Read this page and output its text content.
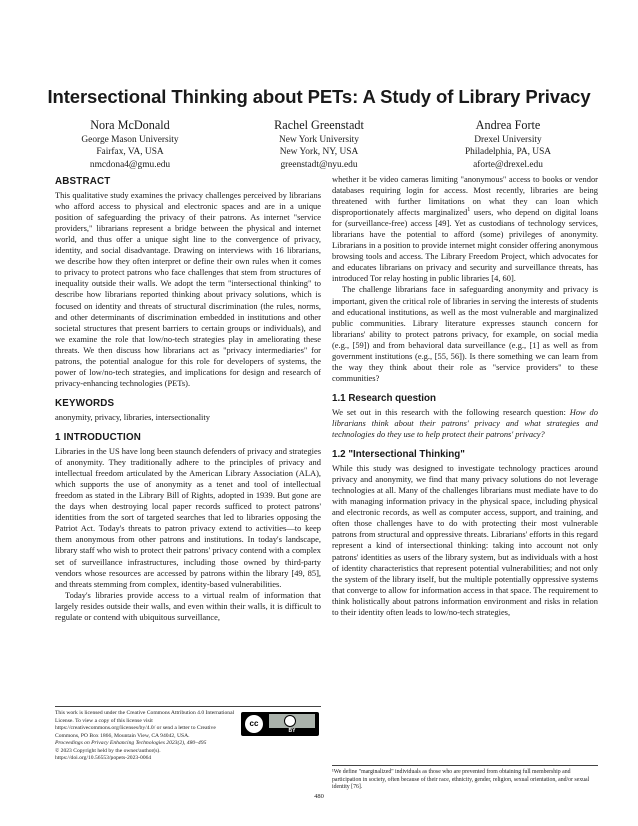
Intersectional Thinking about PETs: A Study of Library Privacy
Nora McDonald
George Mason University
Fairfax, VA, USA
nmcdona4@gmu.edu
Rachel Greenstadt
New York University
New York, NY, USA
greenstadt@nyu.edu
Andrea Forte
Drexel University
Philadelphia, PA, USA
aforte@drexel.edu
ABSTRACT

This qualitative study examines the privacy challenges perceived by librarians who afford access to physical and electronic spaces and are in a unique position of safeguarding the privacy of their patrons. As internet "service providers," librarians represent a bridge between the physical and internet world, and thus offer a unique sight line to the convergence of privacy, identity, and social disadvantage. Drawing on interviews with 16 librarians, we describe how they often interpret or define their own rules when it comes to privacy to protect patrons who face challenges that stem from structures of inequality outside their walls. We adopt the term "intersectional thinking" to describe how librarians reported thinking about privacy solutions, which is focused on identity and threats of structural discrimination (the rules, norms, and other determinants of discrimination embedded in institutions and other societal structures that present barriers to certain groups or individuals), and we examine the role that low/no-tech strategies play in ameliorating these threats. We then discuss how librarians act as "privacy intermediaries" for patrons, the potential analogue for this role for developers of systems, the power of low/no-tech strategies, and implications for design and research of privacy-enhancing technologies (PETs).

KEYWORDS

anonymity, privacy, libraries, intersectionality

1 INTRODUCTION

Libraries in the US have long been staunch defenders of privacy and strategies of anonymity. They traditionally adhere to the principles of privacy and intellectual freedom articulated by the American Library Association (ALA), which supports the use of anonymity as a tenet and tool of intellectual freedom as stated in the Library Bill of Rights, adopted in 1939. But gone are the days when destroying local paper records sufficed to protect patrons' identities from the sort of targeted searches that led to libraries opposing the Patriot Act. Today's threats to patron privacy extend to activities—to keep them anonymous from other patrons and institutions. In today's landscape, library staff who wish to protect their patrons' privacy contend with a complex set of surveillance infrastructures, including those owned by third-party vendors whose resources are accessed by patrons within the library [49, 85], and threats stemming from complex, identity-based vulnerabilities.

Today's libraries provide access to a virtual realm of information that largely resides outside their walls, and even within their walls, it is difficult to regulate or contend with ubiquitous surveillance,

This work is licensed under the Creative Commons Attribution 4.0 International License. To view a copy of this license visit https://creativecommons.org/licenses/by/4.0/ or send a letter to Creative Commons, PO Box 1866, Mountain View, CA 94042, USA.
Proceedings on Privacy Enhancing Technologies 2023(2), 480–495
© 2023 Copyright held by the owner/author(s).
https://doi.org/10.56553/popets-2023-0064
cc
BY

whether it be video cameras limiting "anonymous" access to books or vendor databases requiring login for access. Most recently, libraries are being threatened with further limitations on what they can loan which disproportionately affects marginalized$^1$ users, who depend on digital loans for (surveillance-free) access [49]. Yet as custodians of technology services, librarians have the potential to afford (some) privileges of anonymity. Librarians in a position to provide internet might consider offering anonymous browsing tools and access. The Library Freedom Project, which advocates for and educates librarians on privacy and security and surveillance threats, has introduced Tor relay hosting in public libraries [4, 60].

The challenge librarians face in safeguarding anonymity and privacy is important, given the critical role of libraries in serving the interests of students and educational institutions, as well as the most vulnerable and marginalized public communities. Library literature expresses staunch concern for librarians' ability to protect patrons privacy, for example, on social media (e.g., [59]) and from behavioral data surveillance (e.g., [1] as well as from government institutions (e.g., [55, 56]). Is there something we can learn from the way they think about their role as "service providers" to these communities?

1.1 Research question

We set out in this research with the following research question: How do librarians think about their patrons' privacy and what strategies and technologies do they use to help protect their patrons' privacy?

1.2 "Intersectional Thinking"

While this study was designed to investigate technology practices around privacy and anonymity, we find that many privacy solutions do not leverage technologies at all. Many of the challenges librarians must mediate have to do with managing information privacy in the physical space, including physical and electronic records, as well as computer access, support, and training, and often those challenges have to do with protecting their most vulnerable patrons from structural and oppressive threats. Librarians' efforts in this regard represent a kind of intersectional thinking: taking into account not only patrons' identities as users of the library system, but as individuals with a host of identity characteristics that represent potential vulnerabilities; and not only the system of the library itself, but the multiple potentially oppressive systems that converge to allow for information access in that space. The requirement to think holistically about patrons information environment and risks in relation to their identity often leads to low/no-tech strategies,

¹We define "marginalized" individuals as those who are prevented from obtaining full membership and participation in society, often because of their race, ethnicity, gender, religion, sexual orientation, and/or sexual identity [76].
480
